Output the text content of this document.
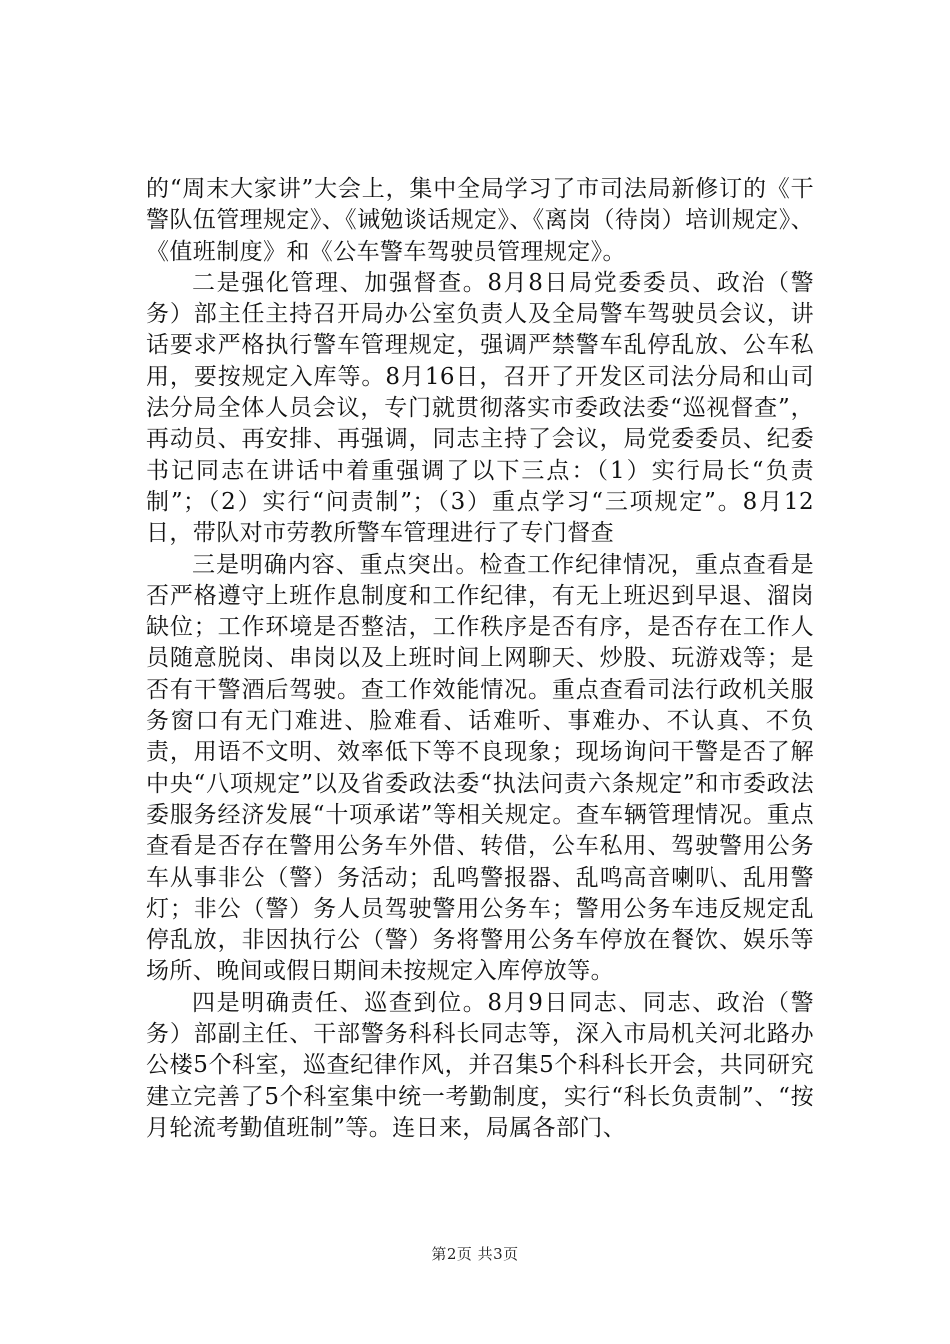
的“周末大家讲”大会上，集中全局学习了市司法局新修订的《干警队伍管理规定》、《诫勉谈话规定》、《离岗（待岗）培训规定》、《值班制度》和《公车警车驾驶员管理规定》。

二是强化管理、加强督查。8月8日局党委委员、政治（警务）部主任主持召开局办公室负责人及全局警车驾驶员会议，讲话要求严格执行警车管理规定，强调严禁警车乱停乱放、公车私用，要按规定入库等。8月16日，召开了开发区司法分局和山司法分局全体人员会议，专门就贯彻落实市委政法委“巡视督查”，再动员、再安排、再强调，同志主持了会议，局党委委员、纪委书记同志在讲话中着重强调了以下三点：（1）实行局长“负责制”；（2）实行“问责制”；（3）重点学习“三项规定”。8月12日，带队对市劳教所警车管理进行了专门督查

三是明确内容、重点突出。检查工作纪律情况，重点查看是否严格遵守上班作息制度和工作纪律，有无上班迟到早退、溜岗缺位；工作环境是否整洁，工作秩序是否有序，是否存在工作人员随意脱岗、串岗以及上班时间上网聊天、炒股、玩游戏等；是否有干警酒后驾驶。查工作效能情况。重点查看司法行政机关服务窗口有无门难进、脸难看、话难听、事难办、不认真、不负责，用语不文明、效率低下等不良现象；现场询问干警是否了解中央“八项规定”以及省委政法委“执法问责六条规定”和市委政法委服务经济发展“十项承诺”等相关规定。查车辆管理情况。重点查看是否存在警用公务车外借、转借，公车私用、驾驶警用公务车从事非公（警）务活动；乱鸣警报器、乱鸣高音喇叭、乱用警灯；非公（警）务人员驾驶警用公务车；警用公务车违反规定乱停乱放，非因执行公（警）务将警用公务车停放在餐饮、娱乐等场所、晚间或假日期间未按规定入库停放等。

四是明确责任、巡查到位。8月9日同志、同志、政治（警务）部副主任、干部警务科科长同志等，深入市局机关河北路办公楼5个科室，巡查纪律作风，并召集5个科科长开会，共同研究建立完善了5个科室集中统一考勤制度，实行“科长负责制”、“按月轮流考勤值班制”等。连日来，局属各部门、

第2页 共3页
